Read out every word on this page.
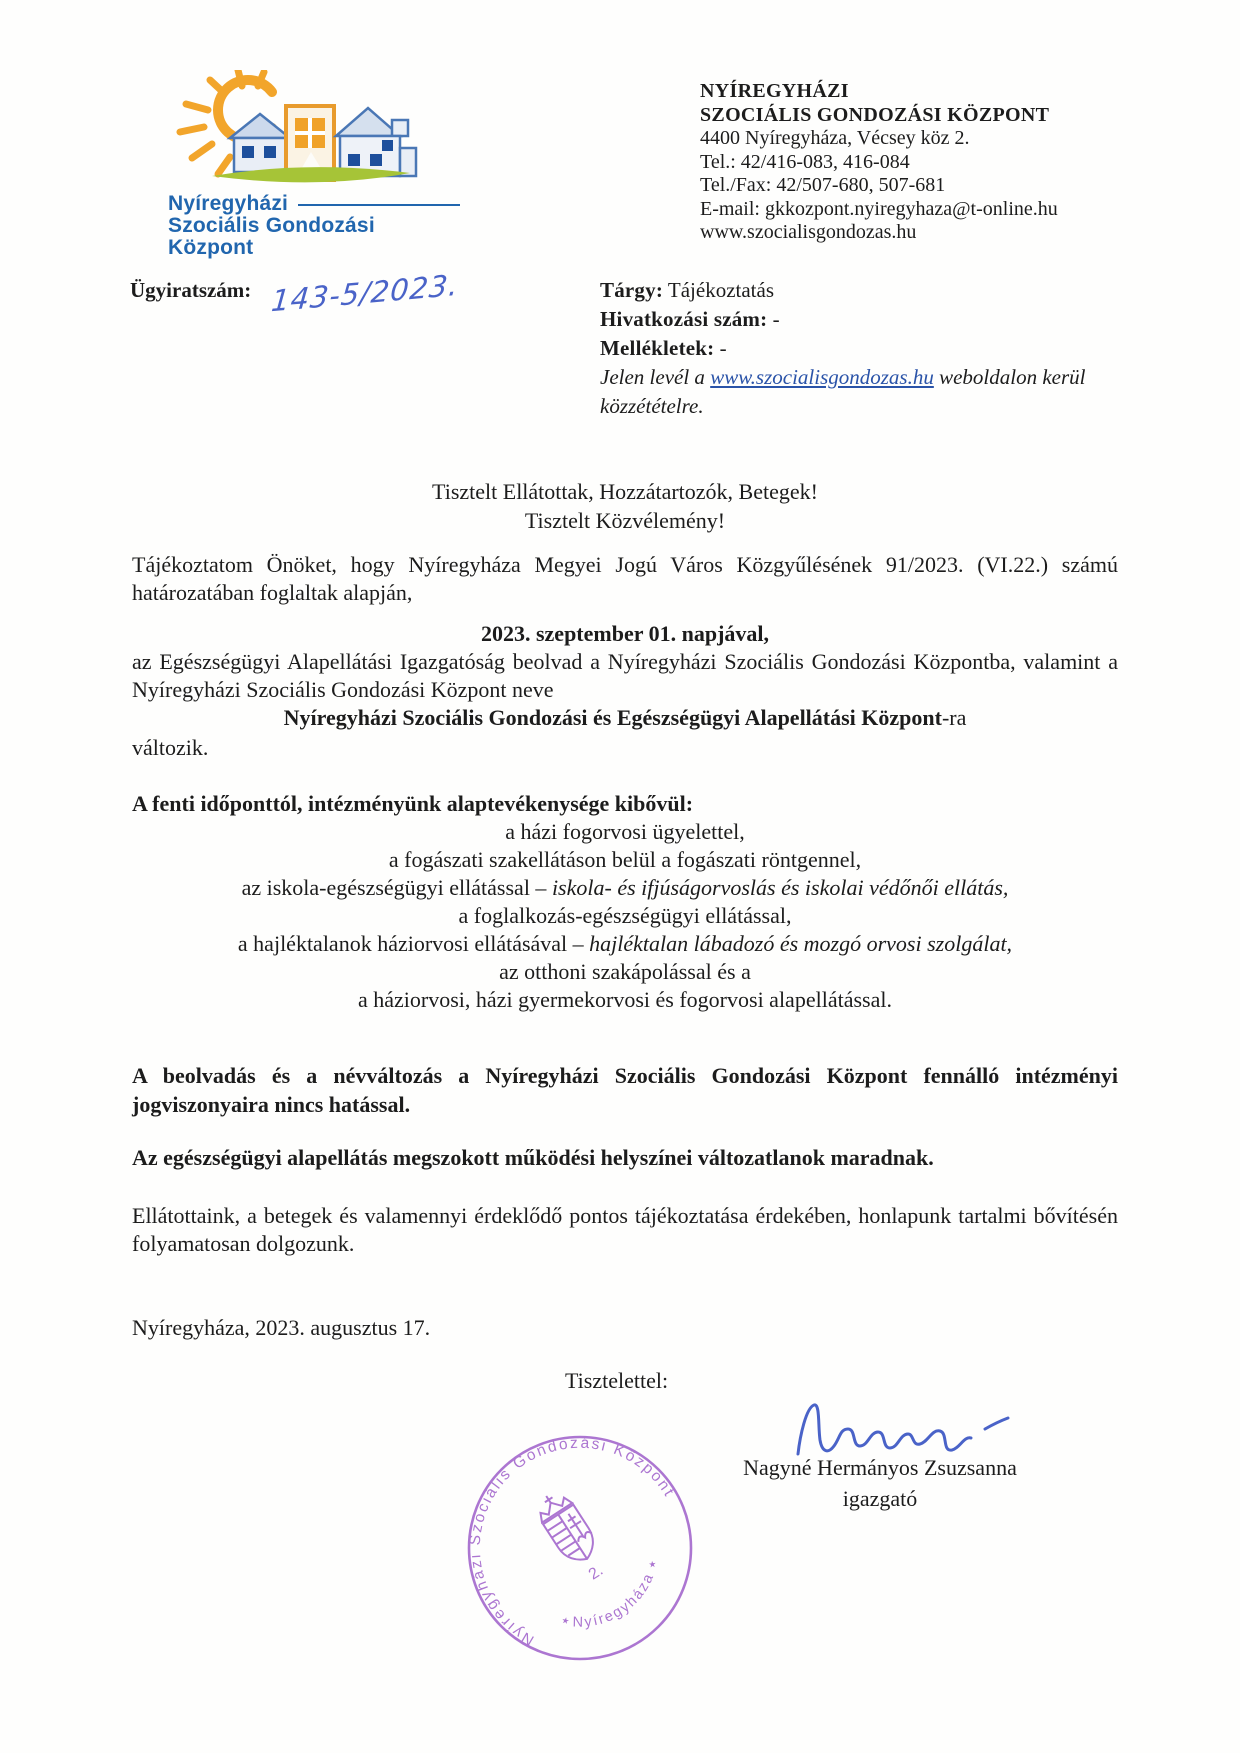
Nyíregyházi
Szociális Gondozási Központ
NYÍREGYHÁZI
SZOCIÁLIS GONDOZÁSI KÖZPONT
4400 Nyíregyháza, Vécsey köz 2.
Tel.: 42/416-083, 416-084
Tel./Fax: 42/507-680, 507-681
E-mail: gkkozpont.nyiregyhaza@t-online.hu
www.szocialisgondozas.hu
Ügyiratszám: 143-5/2023.	Tárgy: Tájékoztatás
Hivatkozási szám: -
Mellékletek: -
Jelen levél a www.szocialisgondozas.hu weboldalon kerül
közzétételre.
Tisztelt Ellátottak, Hozzátartozók, Betegek!
Tisztelt Közvélemény!
Tájékoztatom Önöket, hogy Nyíregyháza Megyei Jogú Város Közgyűlésének 91/2023. (VI.22.) számú határozatában foglaltak alapján,
2023. szeptember 01. napjával,
az Egészségügyi Alapellátási Igazgatóság beolvad a Nyíregyházi Szociális Gondozási Központba, valamint a Nyíregyházi Szociális Gondozási Központ neve
Nyíregyházi Szociális Gondozási és Egészségügyi Alapellátási Központ-ra
változik.
A fenti időponttól, intézményünk alaptevékenysége kibővül:
a házi fogorvosi ügyelettel,
a fogászati szakellátáson belül a fogászati röntgennel,
az iskola-egészségügyi ellátással – iskola- és ifjúságorvoslás és iskolai védőnői ellátás,
a foglalkozás-egészségügyi ellátással,
a hajléktalanok háziorvosi ellátásával – hajléktalan lábadozó és mozgó orvosi szolgálat,
az otthoni szakápolással és a
a háziorvosi, házi gyermekorvosi és fogorvosi alapellátással.
A beolvadás és a névváltozás a Nyíregyházi Szociális Gondozási Központ fennálló intézményi jogviszonyaira nincs hatással.
Az egészségügyi alapellátás megszokott működési helyszínei változatlanok maradnak.
Ellátottaink, a betegek és valamennyi érdeklődő pontos tájékoztatása érdekében, honlapunk tartalmi bővítésén folyamatosan dolgozunk.
Nyíregyháza, 2023. augusztus 17.
Tisztelettel:
Nagyné Hermányos Zsuzsanna
igazgató
Nyíregyházi Szociális Gondozási Központ
٭ Nyíregyháza ٭
2.
